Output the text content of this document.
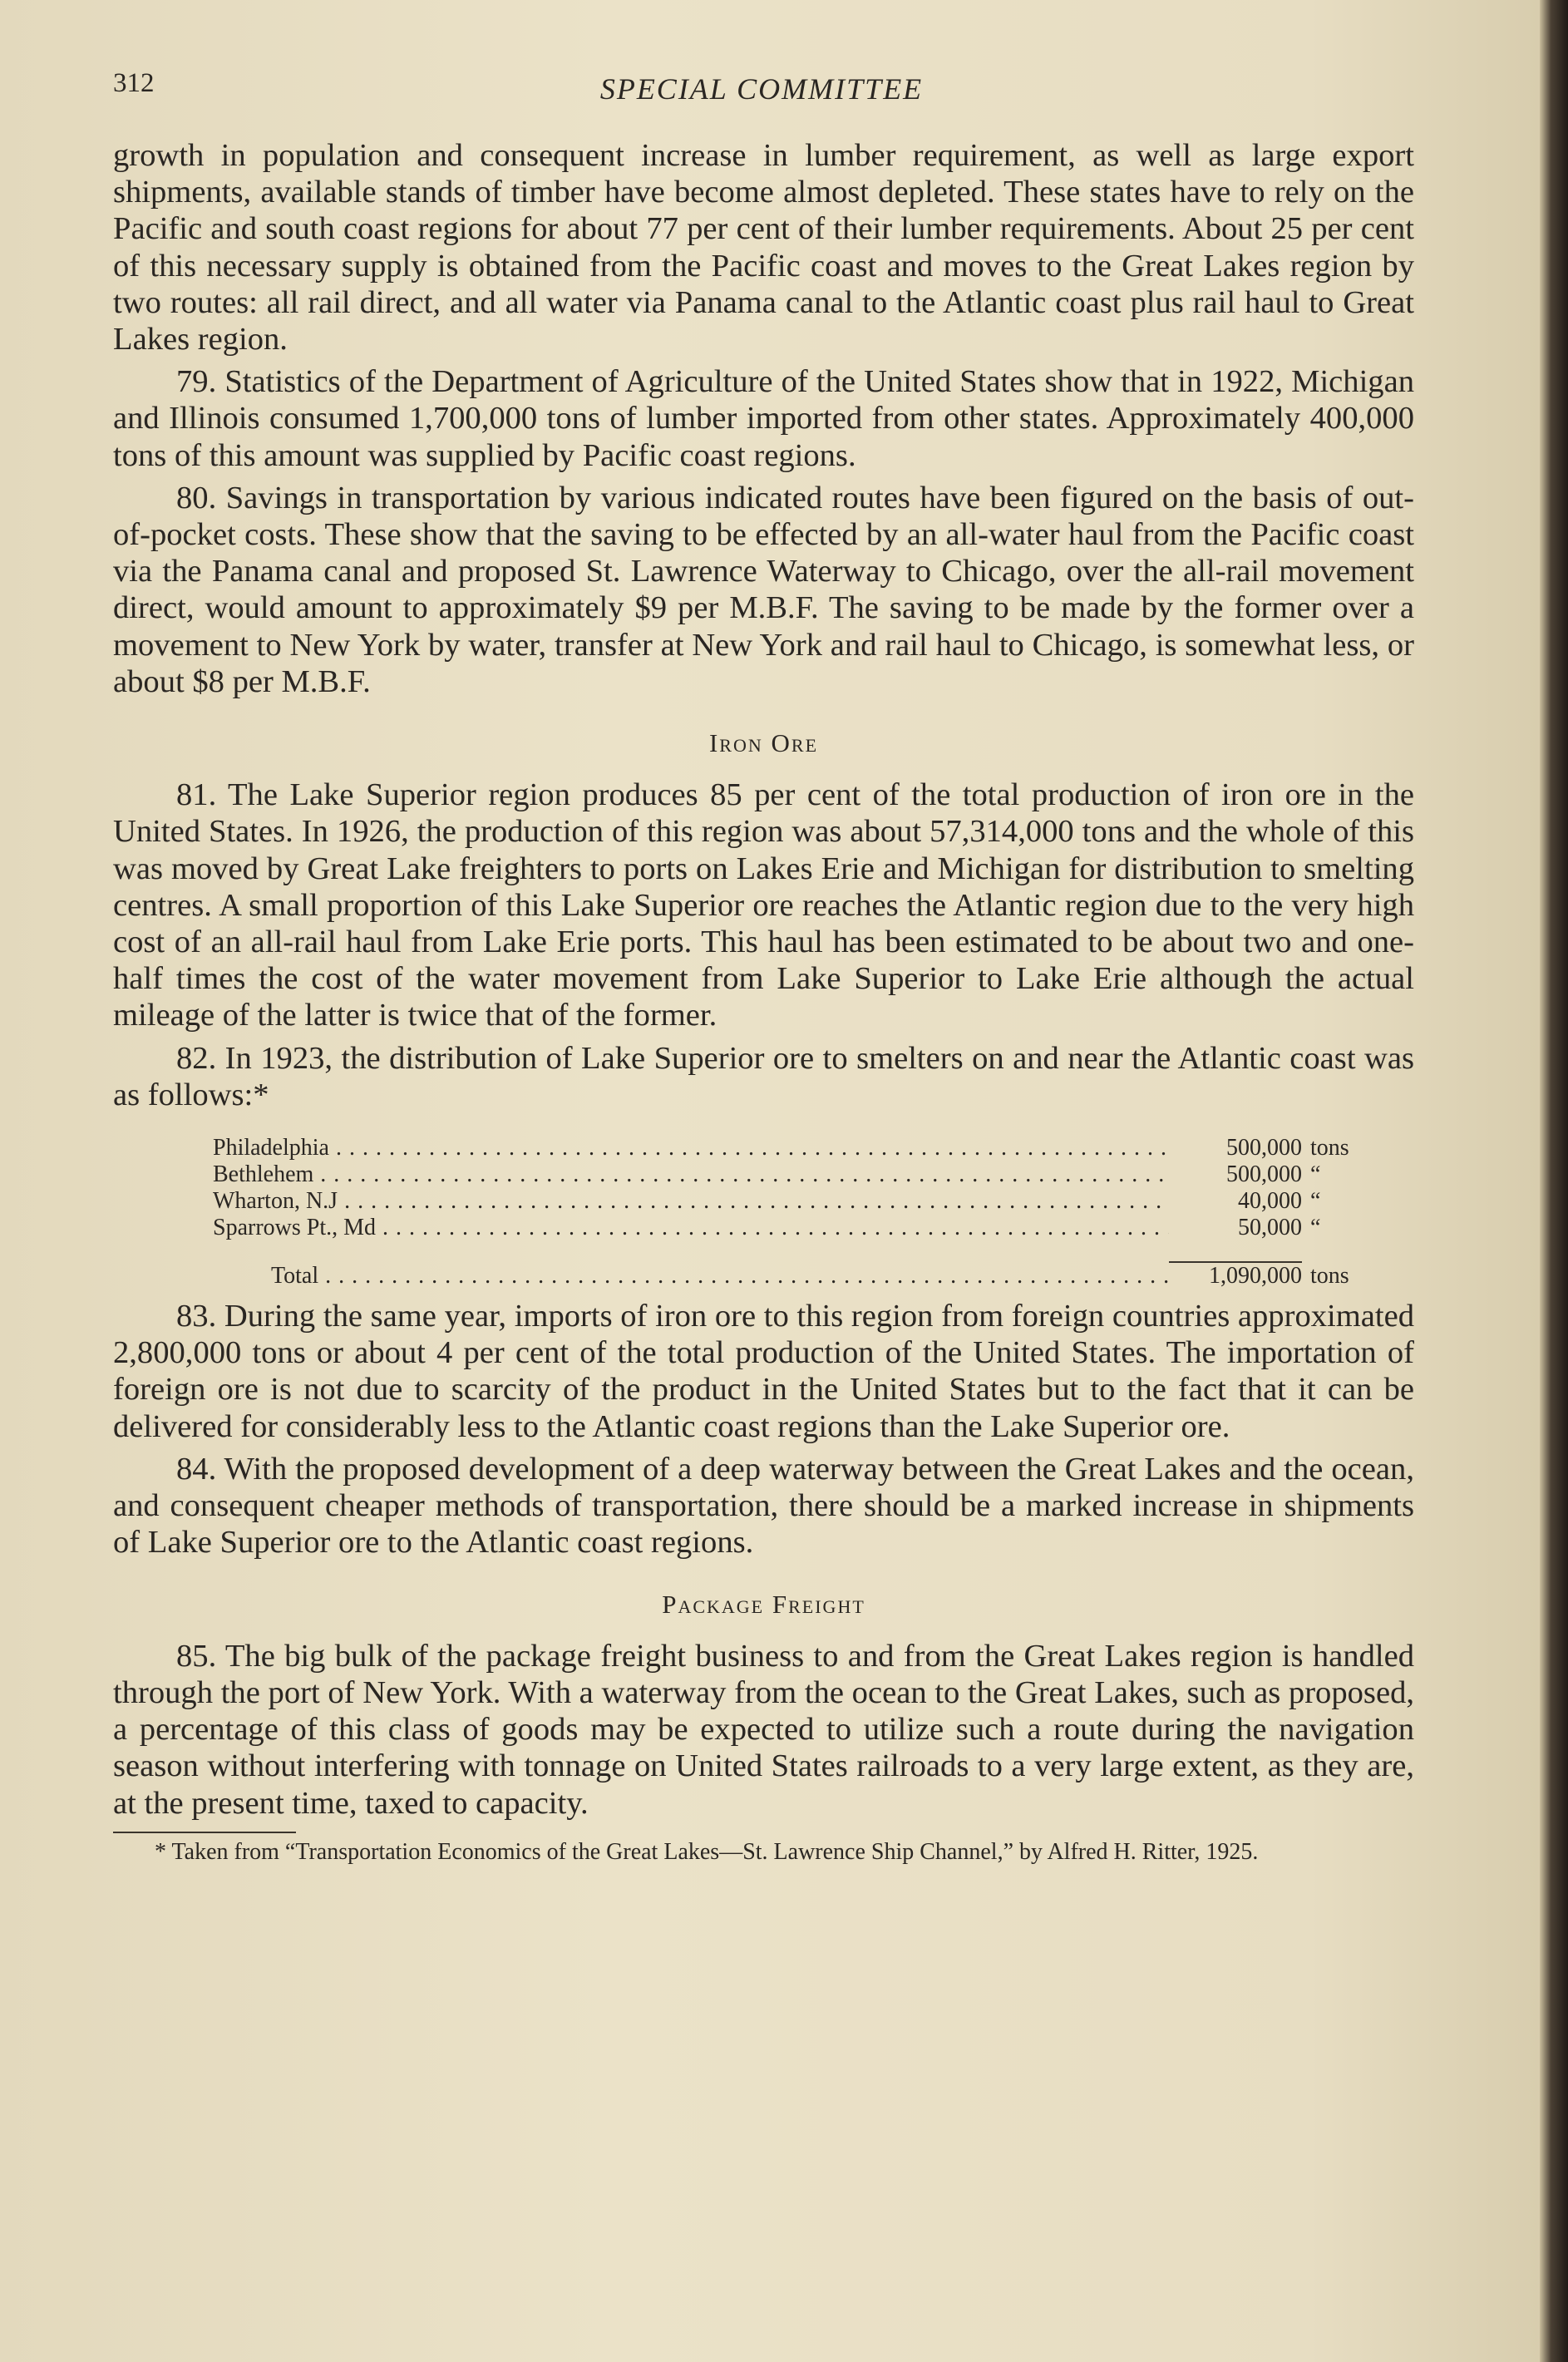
312	SPECIAL COMMITTEE

growth in population and consequent increase in lumber requirement, as well as large export shipments, available stands of timber have become almost depleted. These states have to rely on the Pacific and south coast regions for about 77 per cent of their lumber requirements. About 25 per cent of this necessary supply is obtained from the Pacific coast and moves to the Great Lakes region by two routes: all rail direct, and all water via Panama canal to the Atlantic coast plus rail haul to Great Lakes region.

79. Statistics of the Department of Agriculture of the United States show that in 1922, Michigan and Illinois consumed 1,700,000 tons of lumber imported from other states. Approximately 400,000 tons of this amount was supplied by Pacific coast regions.

80. Savings in transportation by various indicated routes have been figured on the basis of out-of-pocket costs. These show that the saving to be effected by an all-water haul from the Pacific coast via the Panama canal and proposed St. Lawrence Waterway to Chicago, over the all-rail movement direct, would amount to approximately $9 per M.B.F. The saving to be made by the former over a movement to New York by water, transfer at New York and rail haul to Chicago, is somewhat less, or about $8 per M.B.F.

Iron Ore

81. The Lake Superior region produces 85 per cent of the total production of iron ore in the United States. In 1926, the production of this region was about 57,314,000 tons and the whole of this was moved by Great Lake freighters to ports on Lakes Erie and Michigan for distribution to smelting centres. A small proportion of this Lake Superior ore reaches the Atlantic region due to the very high cost of an all-rail haul from Lake Erie ports. This haul has been estimated to be about two and one-half times the cost of the water movement from Lake Superior to Lake Erie although the actual mileage of the latter is twice that of the former.

82. In 1923, the distribution of Lake Superior ore to smelters on and near the Atlantic coast was as follows:*

Philadelphia . . .	500,000 tons
Bethlehem . . .	500,000 “
Wharton, N.J . . .	40,000 “
Sparrows Pt., Md . . .	50,000 “
Total . . .	1,090,000 tons

83. During the same year, imports of iron ore to this region from foreign countries approximated 2,800,000 tons or about 4 per cent of the total production of the United States. The importation of foreign ore is not due to scarcity of the product in the United States but to the fact that it can be delivered for considerably less to the Atlantic coast regions than the Lake Superior ore.

84. With the proposed development of a deep waterway between the Great Lakes and the ocean, and consequent cheaper methods of transportation, there should be a marked increase in shipments of Lake Superior ore to the Atlantic coast regions.

Package Freight

85. The big bulk of the package freight business to and from the Great Lakes region is handled through the port of New York. With a waterway from the ocean to the Great Lakes, such as proposed, a percentage of this class of goods may be expected to utilize such a route during the navigation season without interfering with tonnage on United States railroads to a very large extent, as they are, at the present time, taxed to capacity.

* Taken from “Transportation Economics of the Great Lakes—St. Lawrence Ship Channel,” by Alfred H. Ritter, 1925.
